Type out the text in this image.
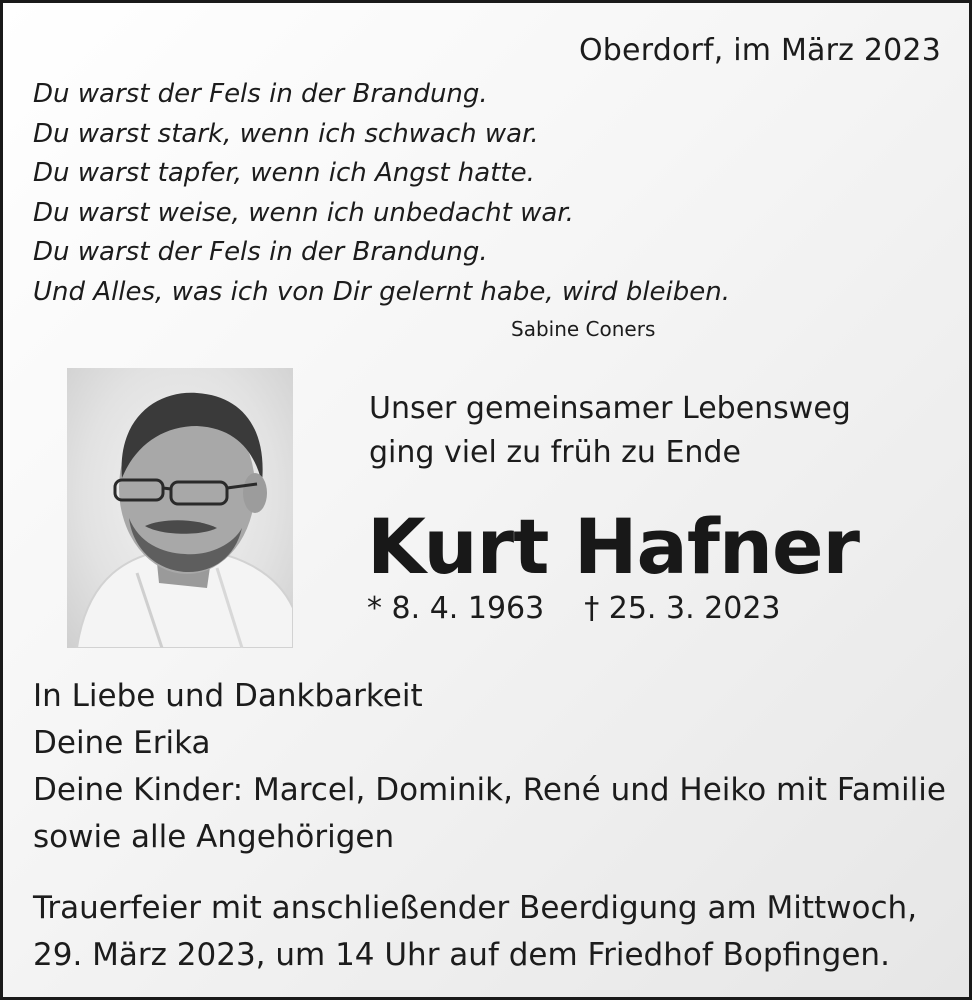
Oberdorf, im März 2023
Du warst der Fels in der Brandung.
Du warst stark, wenn ich schwach war.
Du warst tapfer, wenn ich Angst hatte.
Du warst weise, wenn ich unbedacht war.
Du warst der Fels in der Brandung.
Und Alles, was ich von Dir gelernt habe, wird bleiben.
Sabine Coners
Unser gemeinsamer Lebensweg
ging viel zu früh zu Ende
Kurt Hafner
* 8. 4. 1963 † 25. 3. 2023
In Liebe und Dankbarkeit
Deine Erika
Deine Kinder: Marcel, Dominik, René und Heiko mit Familie
sowie alle Angehörigen
Trauerfeier mit anschließender Beerdigung am Mittwoch,
29. März 2023, um 14 Uhr auf dem Friedhof Bopfingen.
